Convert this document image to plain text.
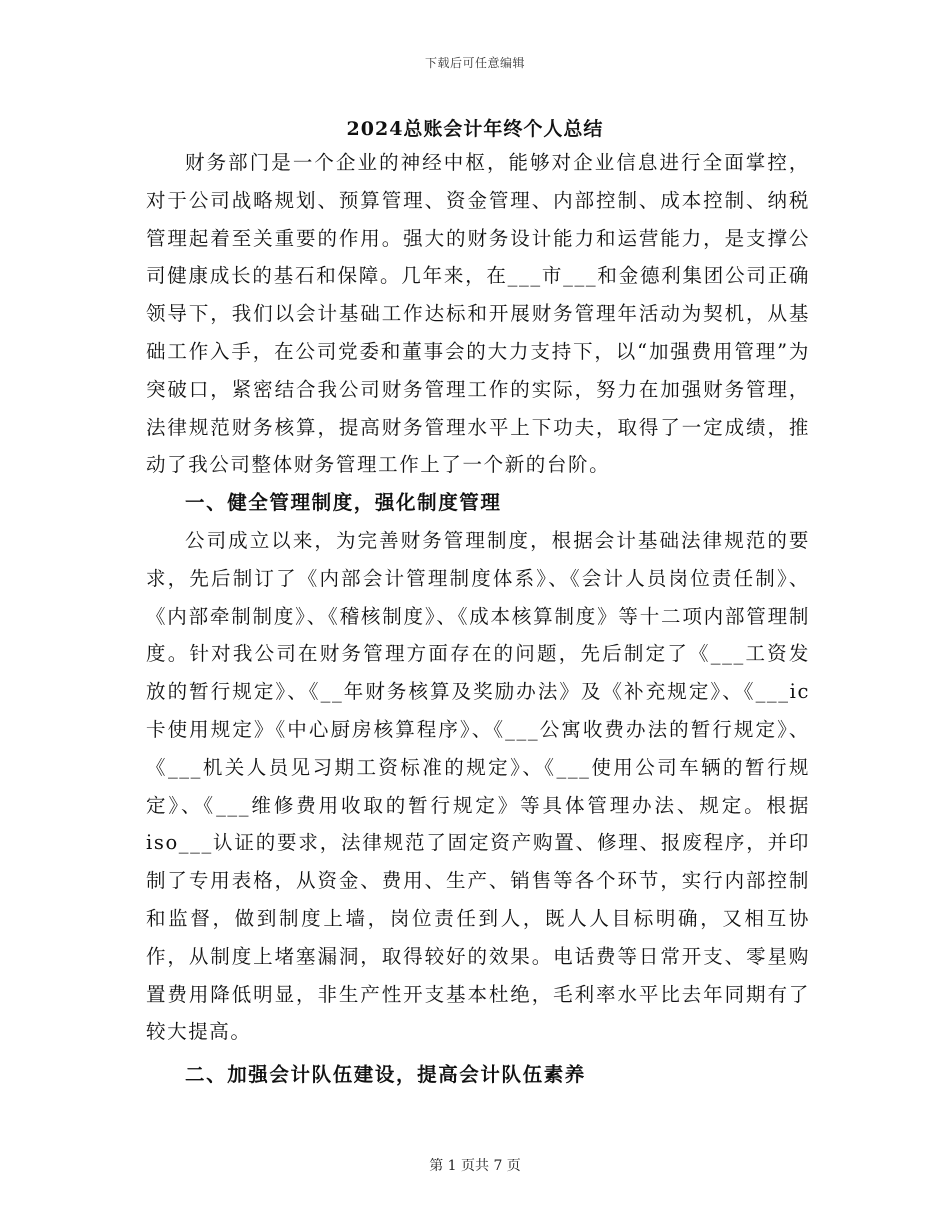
下载后可任意编辑
2024总账会计年终个人总结

财务部门是一个企业的神经中枢，能够对企业信息进行全面掌控，对于公司战略规划、预算管理、资金管理、内部控制、成本控制、纳税管理起着至关重要的作用。强大的财务设计能力和运营能力，是支撑公司健康成长的基石和保障。几年来，在___市___和金德利集团公司正确领导下，我们以会计基础工作达标和开展财务管理年活动为契机，从基础工作入手，在公司党委和董事会的大力支持下，以“加强费用管理”为突破口，紧密结合我公司财务管理工作的实际，努力在加强财务管理，法律规范财务核算，提高财务管理水平上下功夫，取得了一定成绩，推动了我公司整体财务管理工作上了一个新的台阶。

一、健全管理制度，强化制度管理

公司成立以来，为完善财务管理制度，根据会计基础法律规范的要求，先后制订了《内部会计管理制度体系》、《会计人员岗位责任制》、《内部牵制制度》、《稽核制度》、《成本核算制度》等十二项内部管理制度。针对我公司在财务管理方面存在的问题，先后制定了《___工资发放的暂行规定》、《__年财务核算及奖励办法》及《补充规定》、《___ic卡使用规定》《中心厨房核算程序》、《___公寓收费办法的暂行规定》、《___机关人员见习期工资标准的规定》、《___使用公司车辆的暂行规定》、《___维修费用收取的暂行规定》等具体管理办法、规定。根据iso___认证的要求，法律规范了固定资产购置、修理、报废程序，并印制了专用表格，从资金、费用、生产、销售等各个环节，实行内部控制和监督，做到制度上墙，岗位责任到人，既人人目标明确，又相互协作，从制度上堵塞漏洞，取得较好的效果。电话费等日常开支、零星购置费用降低明显，非生产性开支基本杜绝，毛利率水平比去年同期有了较大提高。

二、加强会计队伍建设，提高会计队伍素养
第 1 页共 7 页
